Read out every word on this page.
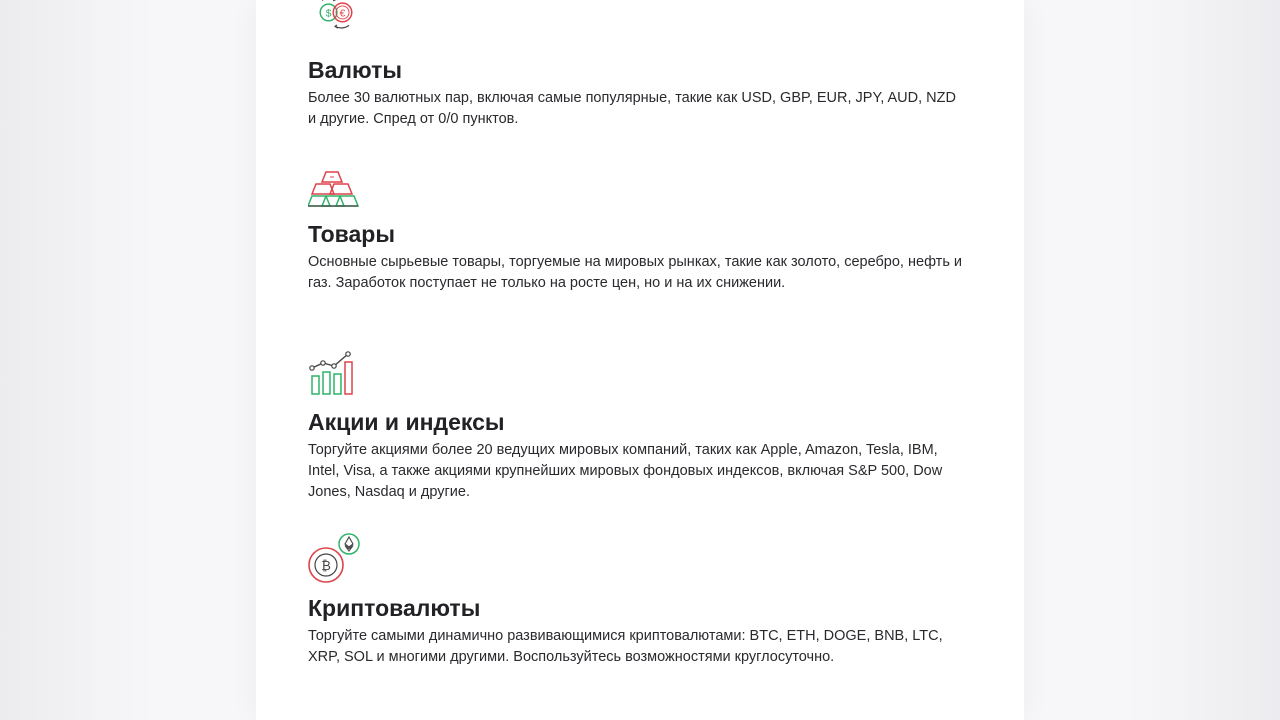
$ €
Валюты

Более 30 валютных пар, включая самые популярные, такие как USD, GBP, EUR, JPY, AUD, NZD и другие. Спред от 0/0 пунктов.

Товары

Основные сырьевые товары, торгуемые на мировых рынках, такие как золото, серебро, нефть и газ. Заработок поступает не только на росте цен, но и на их снижении.

Акции и индексы

Торгуйте акциями более 20 ведущих мировых компаний, таких как Apple, Amazon, Tesla, IBM, Intel, Visa, а также акциями крупнейших мировых фондовых индексов, включая S&P 500, Dow Jones, Nasdaq и другие.

₿
Криптовалюты

Торгуйте самыми динамично развивающимися криптовалютами: BTC, ETH, DOGE, BNB, LTC, XRP, SOL и многими другими. Воспользуйтесь возможностями круглосуточно.
